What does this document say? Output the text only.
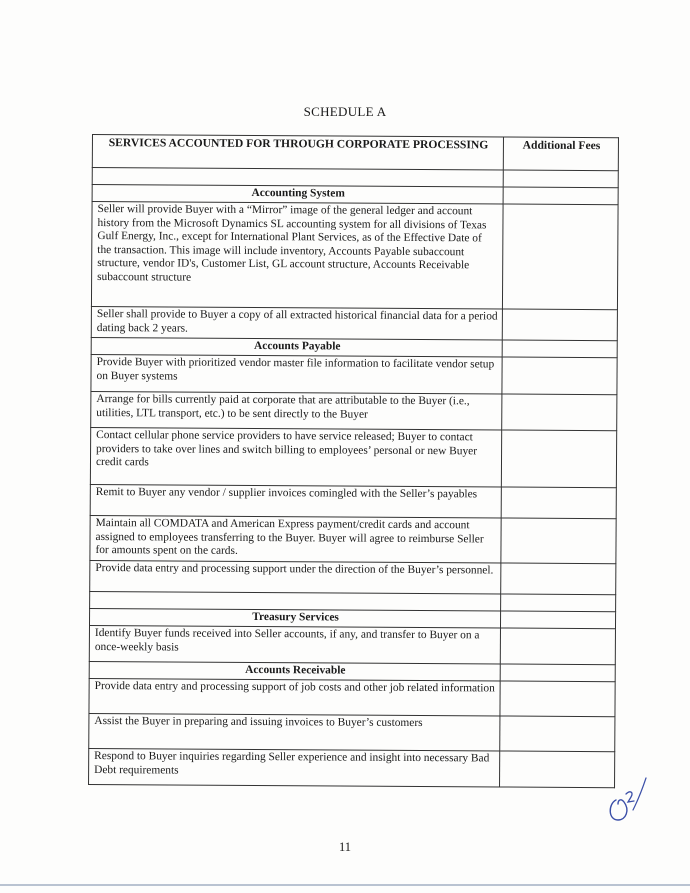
SCHEDULE A
SERVICES ACCOUNTED FOR THROUGH CORPORATE PROCESSING	Additional Fees

Accounting System	
Seller will provide Buyer with a “Mirror” image of the general ledger and account history from the Microsoft Dynamics SL accounting system for all divisions of Texas Gulf Energy, Inc., except for International Plant Services, as of the Effective Date of the transaction. This image will include inventory, Accounts Payable subaccount structure, vendor ID's, Customer List, GL account structure, Accounts Receivable subaccount structure	
Seller shall provide to Buyer a copy of all extracted historical financial data for a period dating back 2 years.	
Accounts Payable	
Provide Buyer with prioritized vendor master file information to facilitate vendor setup on Buyer systems	
Arrange for bills currently paid at corporate that are attributable to the Buyer (i.e., utilities, LTL transport, etc.) to be sent directly to the Buyer	
Contact cellular phone service providers to have service released; Buyer to contact providers to take over lines and switch billing to employees’ personal or new Buyer credit cards	
Remit to Buyer any vendor / supplier invoices comingled with the Seller’s payables	
Maintain all COMDATA and American Express payment/credit cards and account assigned to employees transferring to the Buyer. Buyer will agree to reimburse Seller for amounts spent on the cards.	
Provide data entry and processing support under the direction of the Buyer’s personnel.	

Treasury Services	
Identify Buyer funds received into Seller accounts, if any, and transfer to Buyer on a once-weekly basis	
Accounts Receivable	
Provide data entry and processing support of job costs and other job related information	
Assist the Buyer in preparing and issuing invoices to Buyer’s customers	
Respond to Buyer inquiries regarding Seller experience and insight into necessary Bad Debt requirements	
11
